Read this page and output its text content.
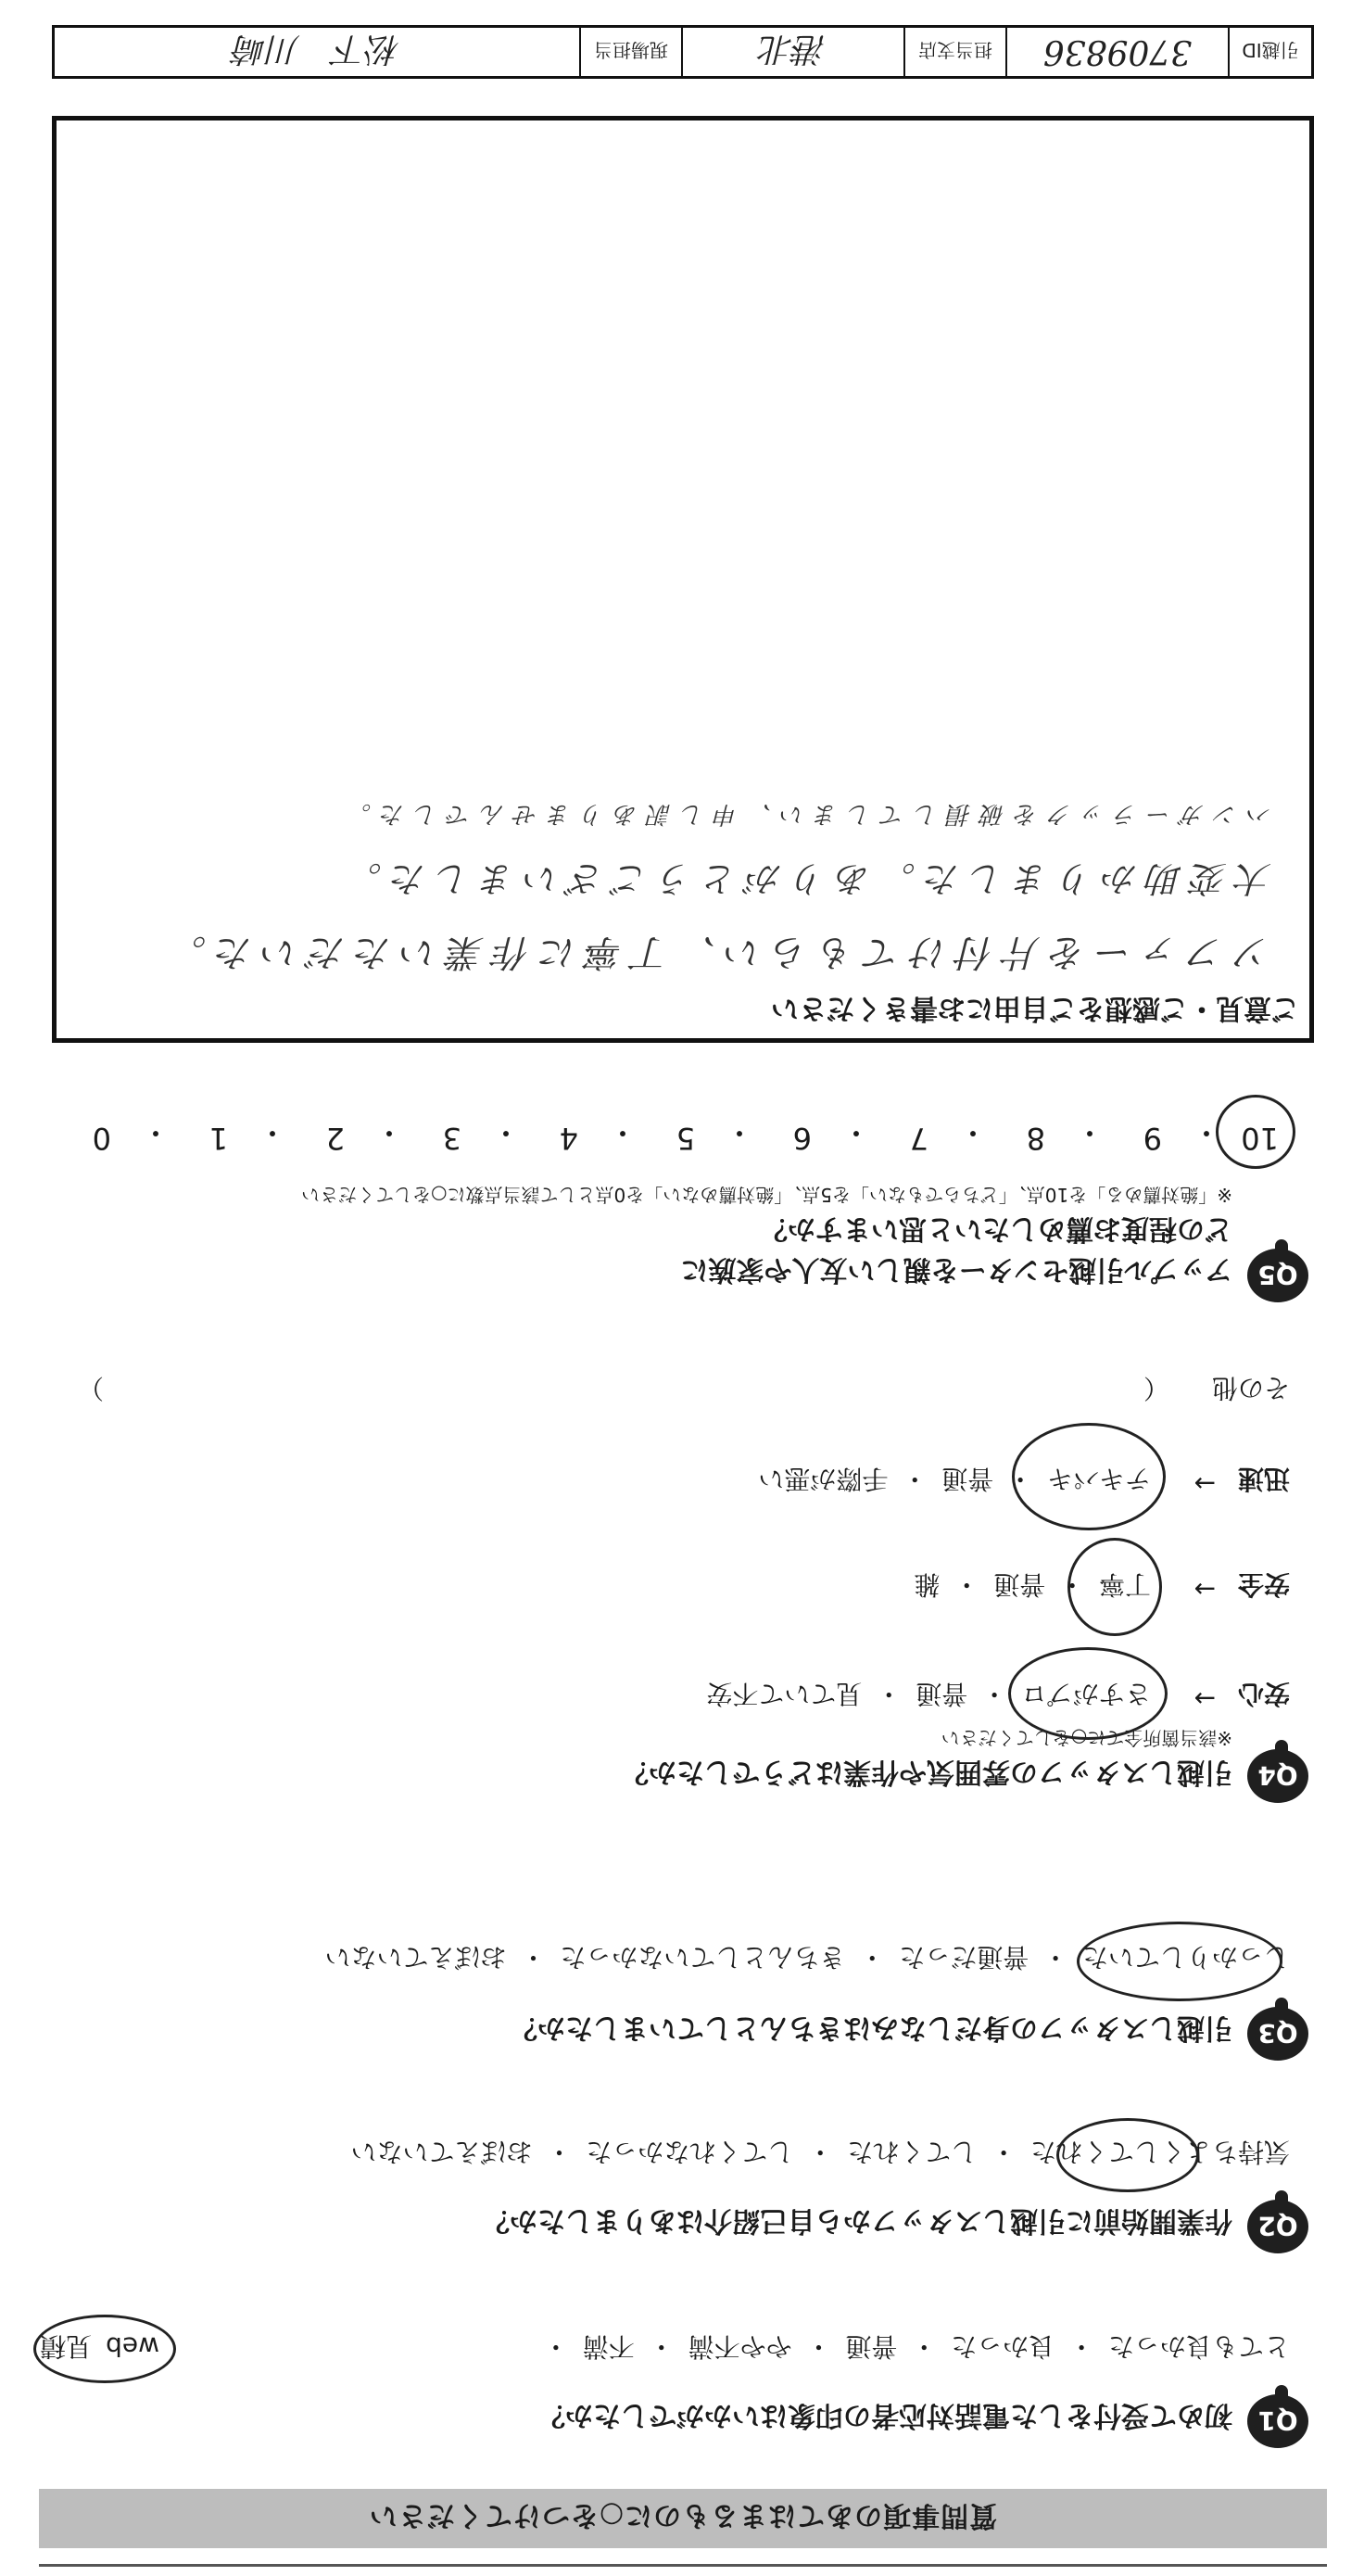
質問事項のあてはまるものに○をつけてください
Q1
初めて受付をした電話対応者の印象はいかがでしたか？
とても良かった ・ 良かった ・ 普通 ・ やや不満 ・ 不満 ・
web 見積
Q2
作業開始前に引越しスタッフから自己紹介はありましたか？
気持ちよくしてくれた ・ してくれた ・ してくれなかった ・ おぼえていない
Q3
引越しスタッフの身だしなみはきちんとしていましたか？
しっかりしていた ・ 普通だった ・ きちんとしていなかった ・ おぼえていない
Q4
引越しスタッフの雰囲気や作業はどうでしたか？
※該当箇所全てに○をしてください
安心
→
さすがプロ ・ 普通 ・ 見ていて不安
安全
→
丁寧 ・ 普通 ・ 雑
迅速
→
テキパキ ・ 普通 ・ 手際が悪い
その他
（
）
Q5
アップル引越センターを親しい友人や家族に
どの程度お薦めしたいと思いますか？
※「絶対薦める」を10点、「どちらでもない」を5点、「絶対薦めない」を0点として該当点数に○をしてください
10
・
9
・
8
・
7
・
6
・
5
・
4
・
3
・
2
・
1
・
0
ご意見・ご感想をご自由にお書きください
ソファーを片付けてもらい、丁寧に作業いただいた。
大変助かりました。ありがとうございました。
ハンガーラックを破損してしまい、申し訳ありませんでした。
引越ID
3709836
担当支店
港北
現場担当
松下　川崎
